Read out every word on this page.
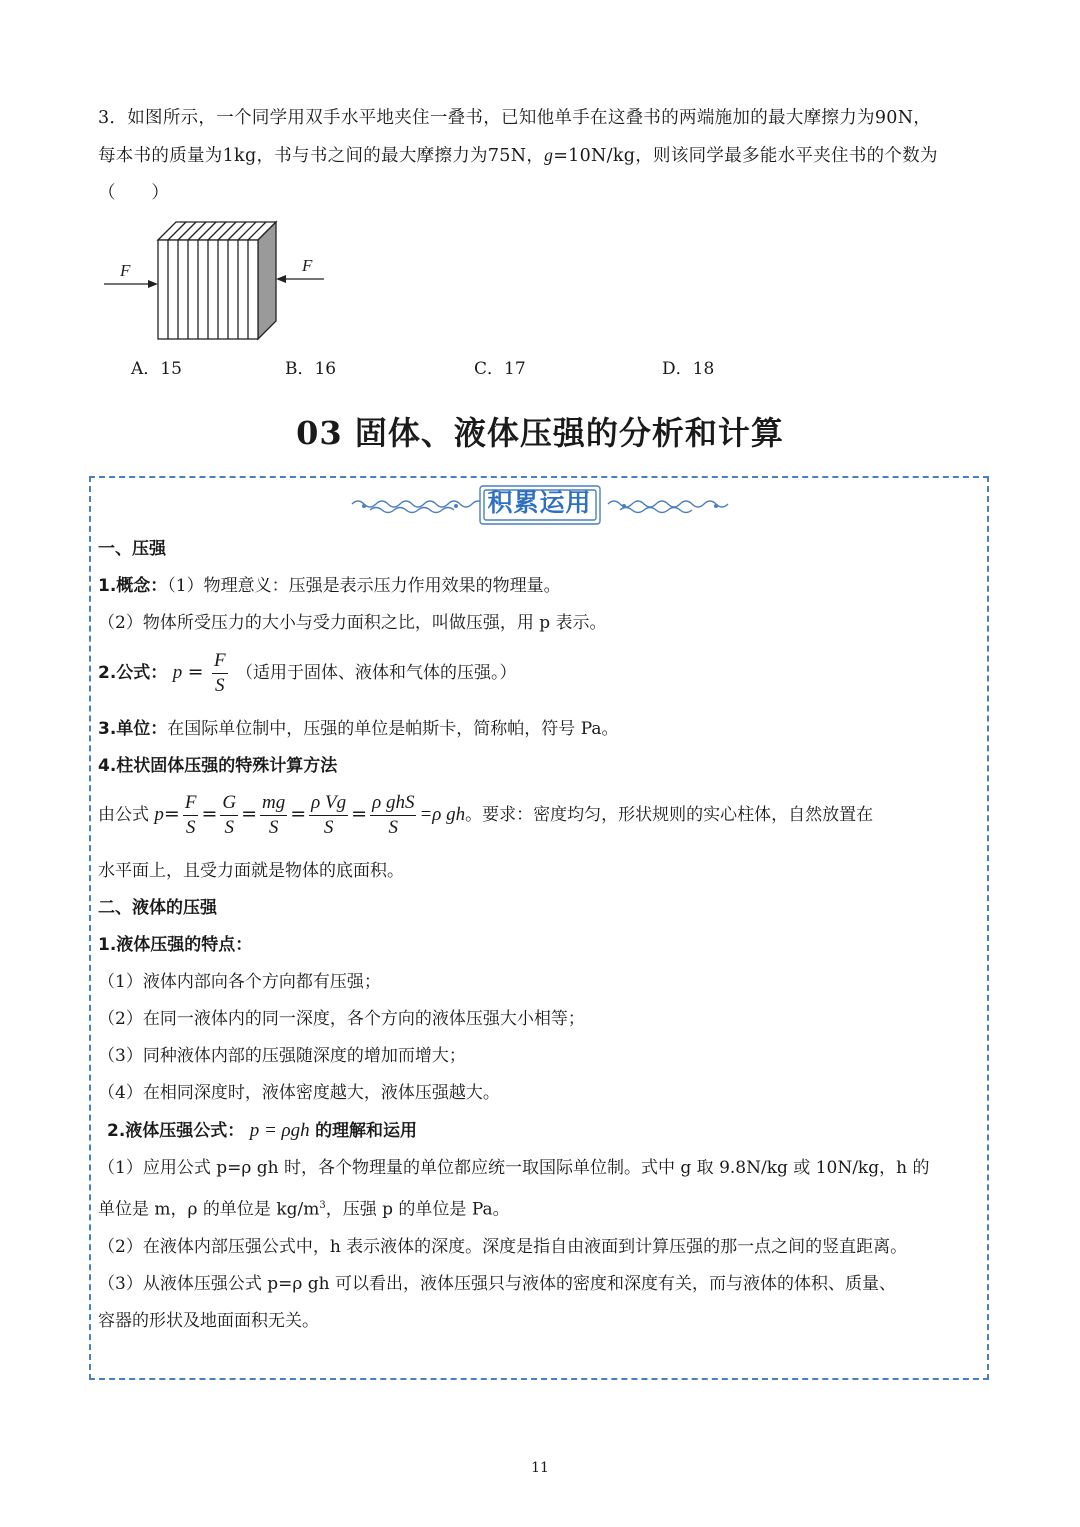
3．如图所示，一个同学用双手水平地夹住一叠书，已知他单手在这叠书的两端施加的最大摩擦力为90N，
每本书的质量为1kg，书与书之间的最大摩擦力为75N，g=10N/kg，则该同学最多能水平夹住书的个数为
（　　）
F	F
A．15	B．16	C．17	D．18
03 固体、液体压强的分析和计算
积累运用
一、压强
1.概念：（1）物理意义：压强是表示压力作用效果的物理量。
（2）物体所受压力的大小与受力面积之比，叫做压强，用 p 表示。
2.公式： $p = \frac{F}{S}$ （适用于固体、液体和气体的压强。）
3.单位：在国际单位制中，压强的单位是帕斯卡，简称帕，符号 Pa。
4.柱状固体压强的特殊计算方法
由公式 $p= \frac{F}{S} = \frac{G}{S} = \frac{mg}{S} = \frac{\text{ρ Vg}}{S} = \frac{\text{ρ ghS}}{S} =\rho$ gh。要求：密度均匀，形状规则的实心柱体，自然放置在
水平面上，且受力面就是物体的底面积。
二、液体的压强
1.液体压强的特点：
（1）液体内部向各个方向都有压强；
（2）在同一液体内的同一深度，各个方向的液体压强大小相等；
（3）同种液体内部的压强随深度的增加而增大；
（4）在相同深度时，液体密度越大，液体压强越大。
2.液体压强公式： p = ρgh 的理解和运用
（1）应用公式 p=ρ gh 时，各个物理量的单位都应统一取国际单位制。式中 g 取 9.8N/kg 或 10N/kg，h 的
单位是 m，ρ 的单位是 $kg/m^3$，压强 p 的单位是 Pa。
（2）在液体内部压强公式中，h 表示液体的深度。深度是指自由液面到计算压强的那一点之间的竖直距离。
（3）从液体压强公式 p=ρ gh 可以看出，液体压强只与液体的密度和深度有关，而与液体的体积、质量、
容器的形状及地面面积无关。
11
